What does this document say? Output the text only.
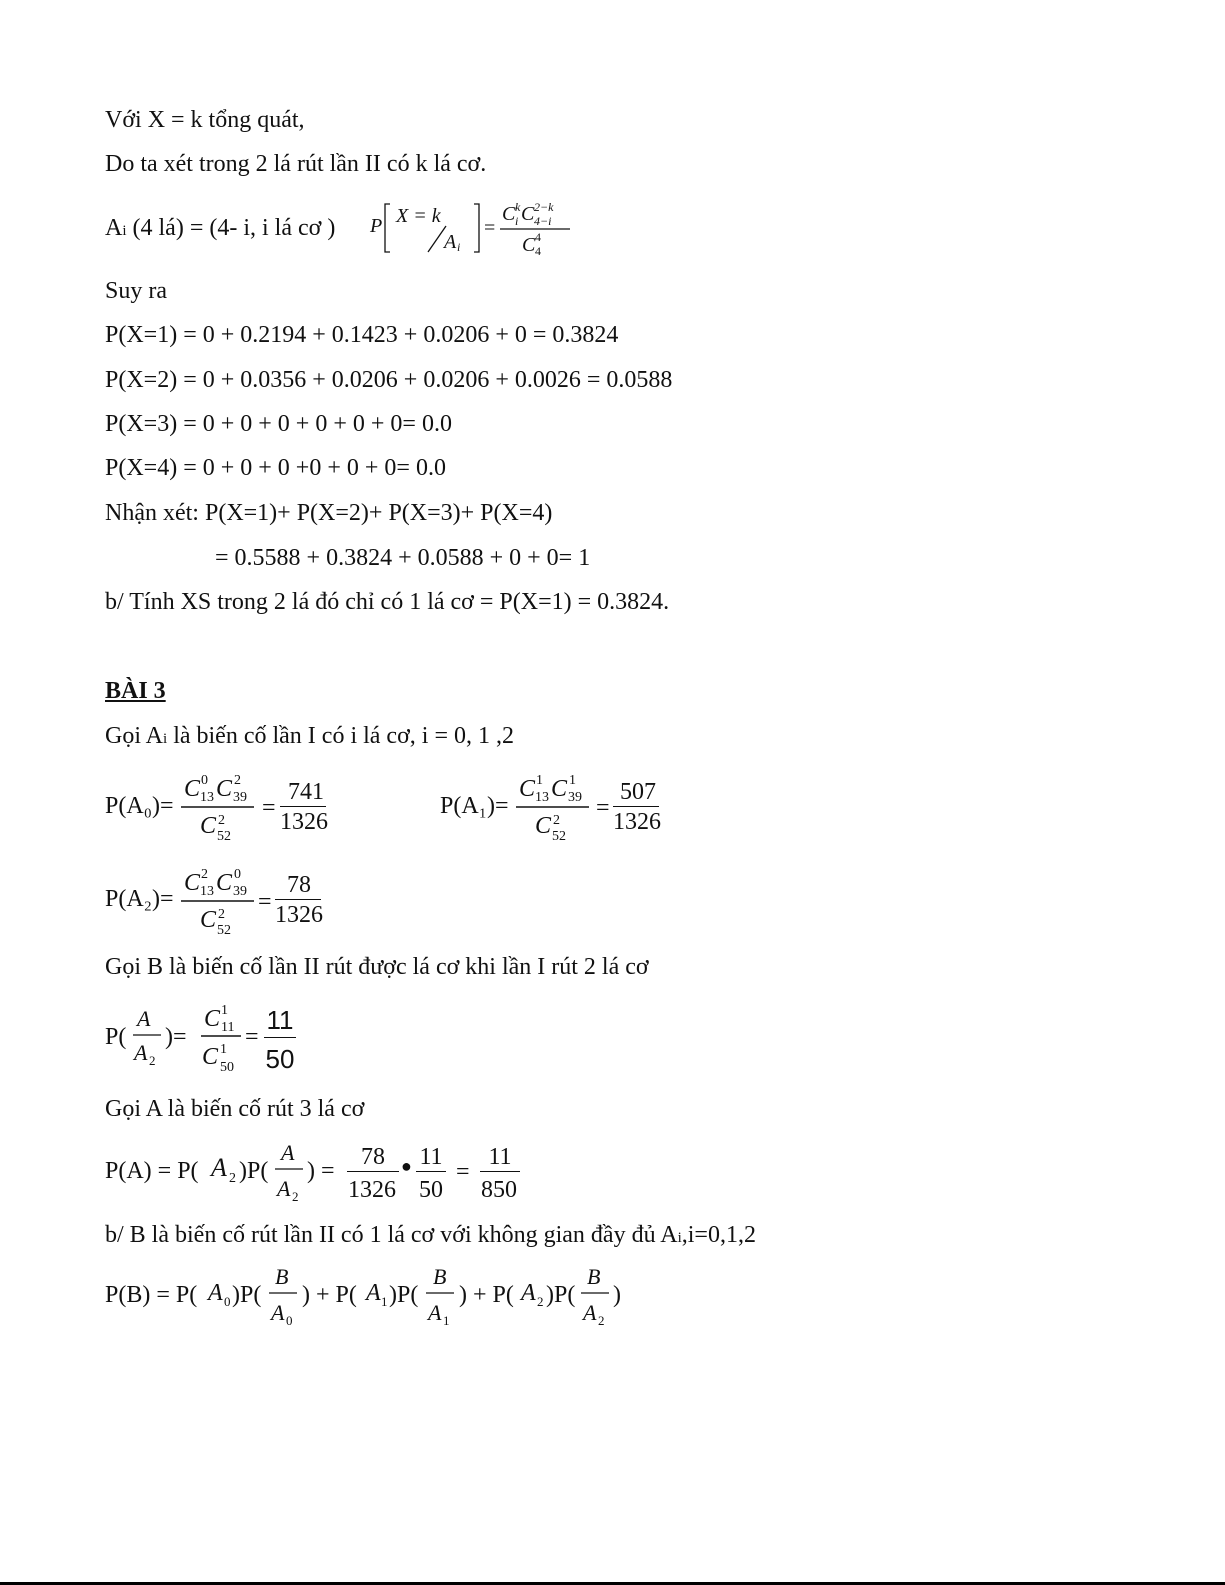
Với X = k tổng quát,
Do ta xét trong 2 lá rút lần II có k lá cơ.
Ai (4 lá) = (4- i, i lá cơ ) P X = k
A i
=
C k
i C 2−k
4−i
C 4
4
Suy ra
P(X=1) = 0 + 0.2194 + 0.1423 + 0.0206 + 0 = 0.3824
P(X=2) = 0 + 0.0356 + 0.0206 + 0.0206 + 0.0026 = 0.0588
P(X=3) = 0 + 0 + 0 + 0 + 0 + 0= 0.0
P(X=4) = 0 + 0 + 0 +0 + 0 + 0= 0.0
Nhận xét: P(X=1)+ P(X=2)+ P(X=3)+ P(X=4)
= 0.5588 + 0.3824 + 0.0588 + 0 + 0= 1
b/ Tính XS trong 2 lá đó chỉ có 1 lá cơ = P(X=1) = 0.3824.
BÀI 3
Gọi Ai là biến cố lần I có i lá cơ, i = 0, 1 ,2
P(A₀)=
C 0
13 C 2
39
C 2
52
=
741
1326
P(A₁)=
C 1
13 C 1
39
C 2
52
=
507
1326
P(A₂)=
C 2
13 C 0
39
C 2
52
=
78
1326
Gọi B là biến cố lần II rút được lá cơ khi lần I rút 2 lá cơ
P(
A
A 2
)=
C 1
11
C 1
50
=
11
50
Gọi A là biến cố rút 3 lá cơ
P(A) = P( A 2 )P(
A
A 2
) =
78
1326
● 11
50
=
11
850
b/ B là biến cố rút lần II có 1 lá cơ với không gian đầy đủ Ai,i=0,1,2
P(B) = P( A 0 )P(
B
A 0
) + P( A 1 )P(
B
A 1
) + P( A 2 )P(
B
A 2
)
